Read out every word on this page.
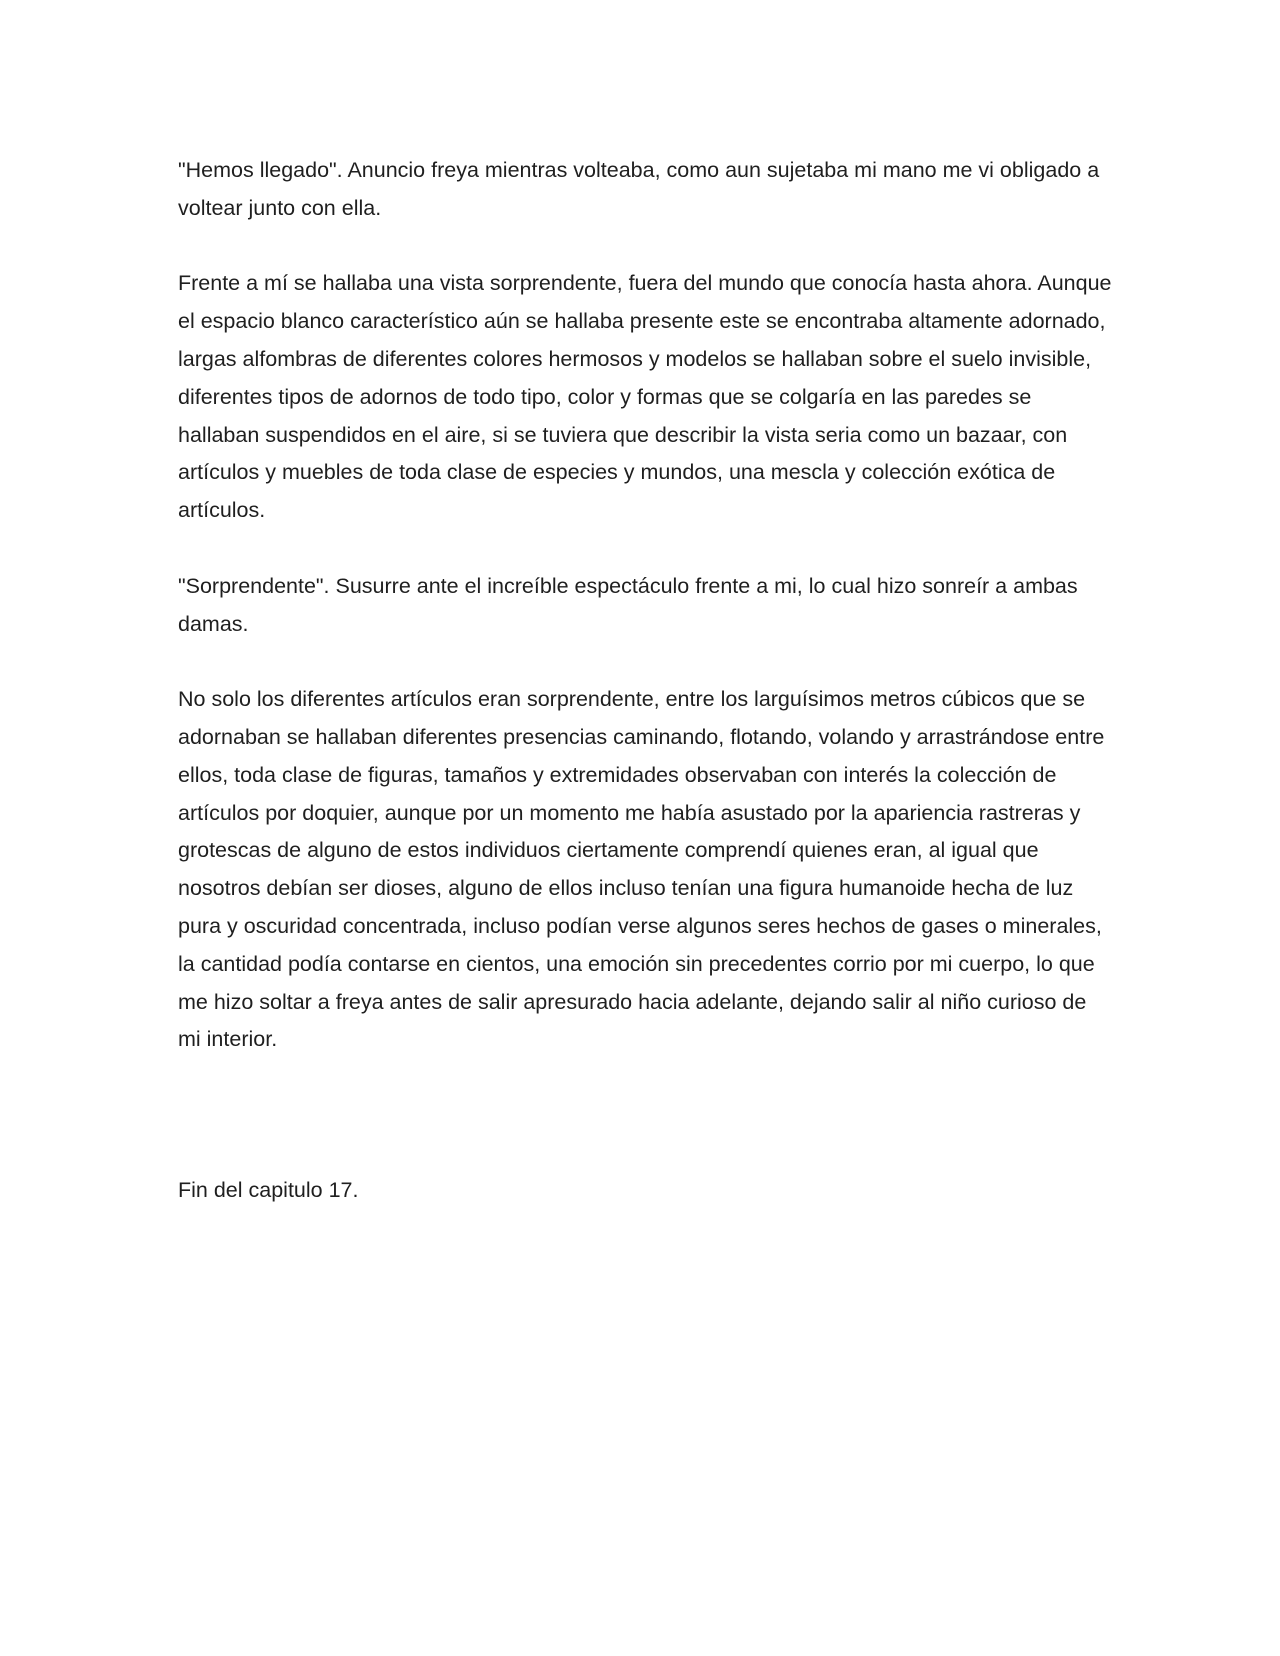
"Hemos llegado". Anuncio freya mientras volteaba, como aun sujetaba mi mano me vi obligado a voltear junto con ella.

Frente a mí se hallaba una vista sorprendente, fuera del mundo que conocía hasta ahora. Aunque el espacio blanco característico aún se hallaba presente este se encontraba altamente adornado, largas alfombras de diferentes colores hermosos y modelos se hallaban sobre el suelo invisible, diferentes tipos de adornos de todo tipo, color y formas que se colgaría en las paredes se hallaban suspendidos en el aire, si se tuviera que describir la vista seria como un bazaar, con artículos y muebles de toda clase de especies y mundos, una mescla y colección exótica de artículos.

"Sorprendente". Susurre ante el increíble espectáculo frente a mi, lo cual hizo sonreír a ambas damas.

No solo los diferentes artículos eran sorprendente, entre los larguísimos metros cúbicos que se adornaban se hallaban diferentes presencias caminando, flotando, volando y arrastrándose entre ellos, toda clase de figuras, tamaños y extremidades observaban con interés la colección de artículos por doquier, aunque por un momento me había asustado por la apariencia rastreras y grotescas de alguno de estos individuos ciertamente comprendí quienes eran, al igual que nosotros debían ser dioses, alguno de ellos incluso tenían una figura humanoide hecha de luz pura y oscuridad concentrada, incluso podían verse algunos seres hechos de gases o minerales, la cantidad podía contarse en cientos, una emoción sin precedentes corrio por mi cuerpo, lo que me hizo soltar a freya antes de salir apresurado hacia adelante, dejando salir al niño curioso de mi interior.

Fin del capitulo 17.
